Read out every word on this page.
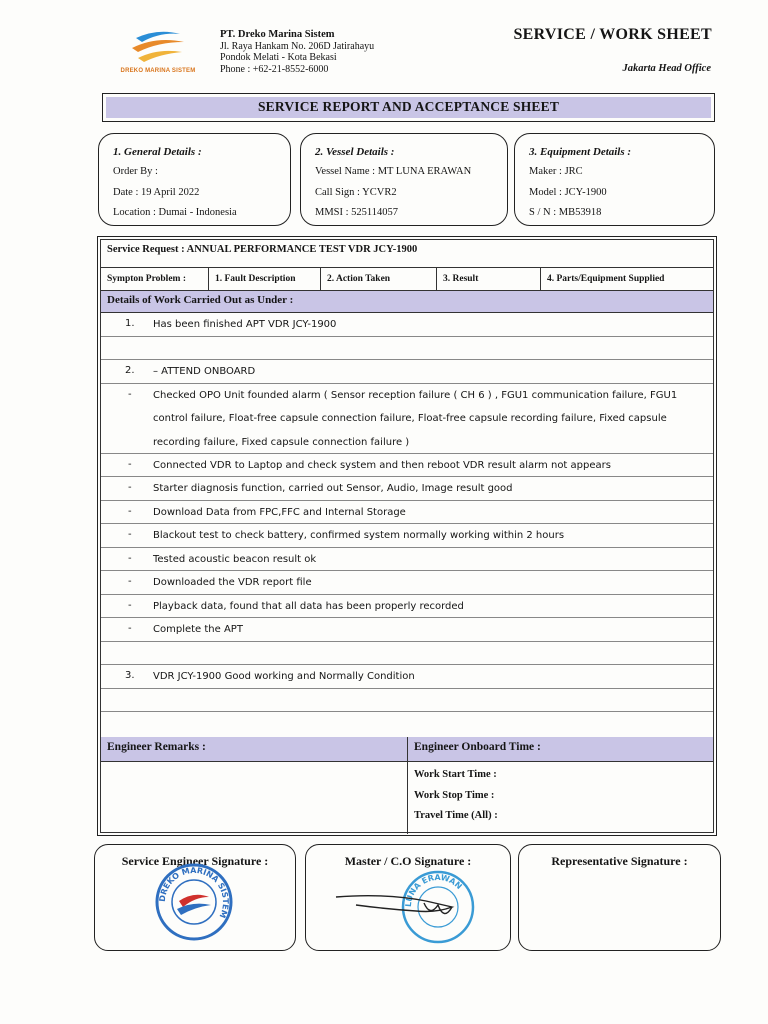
DREKO MARINA SISTEM
PT. Dreko Marina Sistem
Jl. Raya Hankam No. 206D Jatirahayu
Pondok Melati - Kota Bekasi
Phone : +62-21-8552-6000
SERVICE / WORK SHEET
Jakarta Head Office
SERVICE REPORT AND ACCEPTANCE SHEET
1. General Details :
Order By :
Date : 19 April 2022
Location : Dumai - Indonesia
2. Vessel Details :
Vessel Name : MT LUNA ERAWAN
Call Sign : YCVR2
MMSI : 525114057
3. Equipment Details :
Maker : JRC
Model : JCY-1900
S / N : MB53918
Service Request : ANNUAL PERFORMANCE TEST VDR JCY-1900
Sympton Problem :	1. Fault Description	2. Action Taken	3. Result	4. Parts/Equipment Supplied
Details of Work Carried Out as Under :
1. Has been finished APT VDR JCY-1900
2. – ATTEND ONBOARD
- Checked OPO Unit founded alarm ( Sensor reception failure ( CH 6 ) , FGU1 communication failure, FGU1 control failure, Float-free capsule connection failure, Float-free capsule recording failure, Fixed capsule recording failure, Fixed capsule connection failure )
- Connected VDR to Laptop and check system and then reboot VDR result alarm not appears
- Starter diagnosis function, carried out Sensor, Audio, Image result good
- Download Data from FPC,FFC and Internal Storage
- Blackout test to check battery, confirmed system normally working within 2 hours
- Tested acoustic beacon result ok
- Downloaded the VDR report file
- Playback data, found that all data has been properly recorded
- Complete the APT
3. VDR JCY-1900 Good working and Normally Condition
Engineer Remarks :	Engineer Onboard Time :
Work Start Time :
Work Stop Time :
Travel Time (All) :
Service Engineer Signature :
DREKO MARINA SISTEM
Master / C.O Signature :
LUNA ERAWAN
Representative Signature :
